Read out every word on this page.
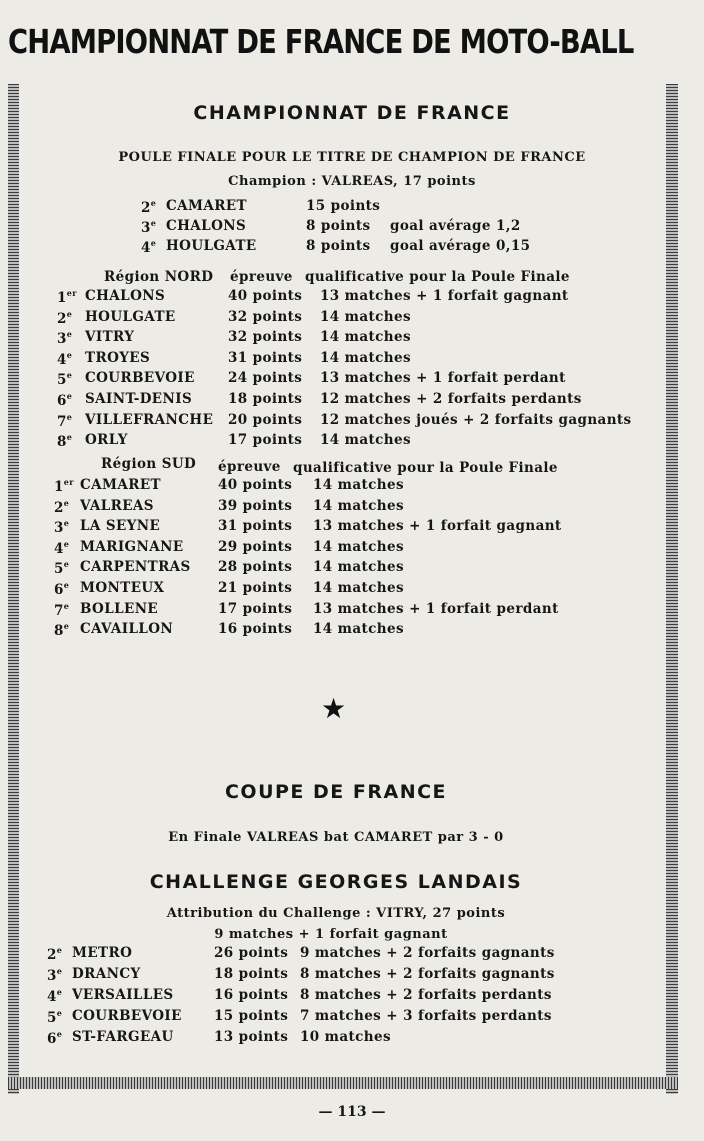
CHAMPIONNAT DE FRANCE DE MOTO-BALL
CHAMPIONNAT DE FRANCE
POULE FINALE POUR LE TITRE DE CHAMPION DE FRANCE
Champion : VALREAS, 17 points
2e CAMARET	15 points
3e CHALONS	8 points goal avérage 1,2
4e HOULGATE	8 points goal avérage 0,15
Région NORD épreuve qualificative pour la Poule Finale
1er CHALONS	40 points 13 matches + 1 forfait gagnant
2e HOULGATE	32 points 14 matches
3e VITRY	32 points 14 matches
4e TROYES	31 points 14 matches
5e COURBEVOIE 24 points 13 matches + 1 forfait perdant
6e SAINT-DENIS	18 points 12 matches + 2 forfaits perdants
7e VILLEFRANCHE 20 points 12 matches joués + 2 forfaits gagnants
8e ORLY	17 points 14 matches
Région SUD épreuve qualificative pour la Poule Finale
1er CAMARET	40 points 14 matches
2e VALREAS	39 points 14 matches
3e LA SEYNE	31 points 13 matches + 1 forfait gagnant
4e MARIGNANE	29 points 14 matches
5e CARPENTRAS 28 points 14 matches
6e MONTEUX	21 points 14 matches
7e BOLLENE	17 points 13 matches + 1 forfait perdant
8e CAVAILLON	16 points 14 matches
★
COUPE DE FRANCE
En Finale VALREAS bat CAMARET par 3 - 0
CHALLENGE GEORGES LANDAIS
Attribution du Challenge : VITRY, 27 points
9 matches + 1 forfait gagnant
2e METRO	26 points 9 matches + 2 forfaits gagnants
3e DRANCY	18 points 8 matches + 2 forfaits gagnants
4e VERSAILLES	16 points 8 matches + 2 forfaits perdants
5e COURBEVOIE 15 points 7 matches + 3 forfaits perdants
6e ST-FARGEAU	13 points 10 matches
— 113 —
